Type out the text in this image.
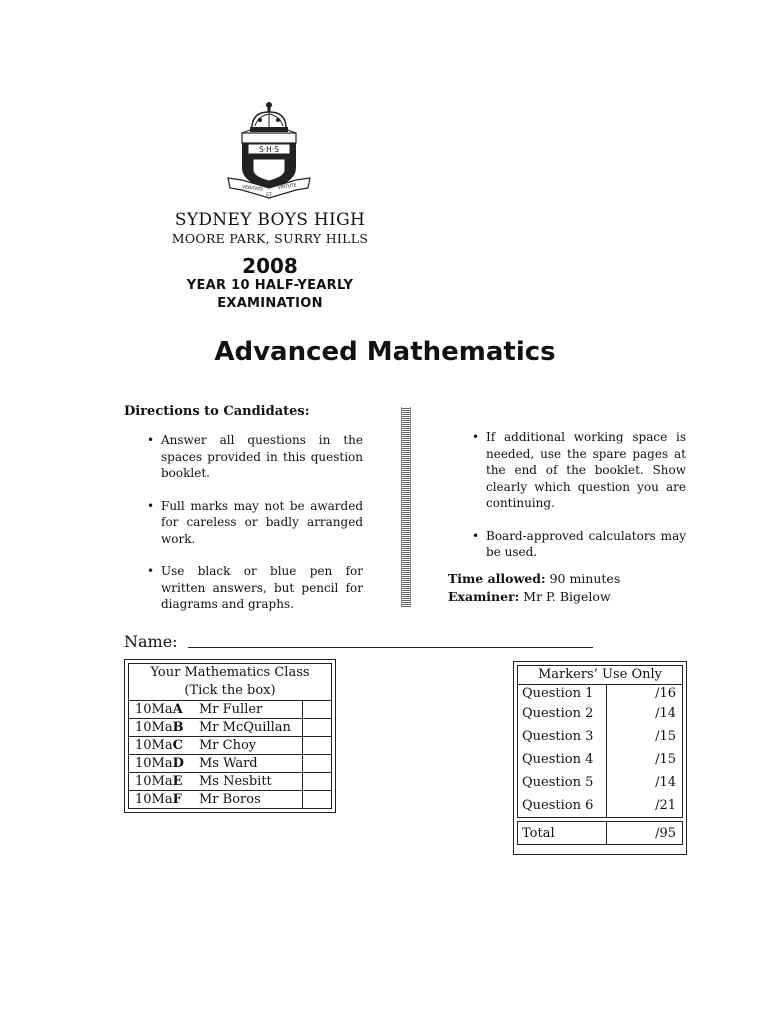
S·H·S
VERITATE
ET
VIRTUTE
SYDNEY BOYS HIGH
MOORE PARK, SURRY HILLS
2008
YEAR 10 HALF-YEARLY
EXAMINATION
Advanced Mathematics
Directions to Candidates:
• Answer all questions in the spaces provided in this question booklet.
• Full marks may not be awarded for careless or badly arranged work.
• Use black or blue pen for written answers, but pencil for diagrams and graphs.
• If additional working space is needed, use the spare pages at the end of the booklet. Show clearly which question you are continuing.
• Board-approved calculators may be used.
Time allowed: 90 minutes
Examiner: Mr P. Bigelow
Name:
Your Mathematics Class
(Tick the box)
10MaA	Mr Fuller	
10MaB	Mr McQuillan	
10MaC	Mr Choy	
10MaD	Ms Ward	
10MaE	Ms Nesbitt	
10MaF	Mr Boros	
Markers’ Use Only
Question 1	/16
Question 2	/14
Question 3	/15
Question 4	/15
Question 5	/14
Question 6	/21
Total	/95
